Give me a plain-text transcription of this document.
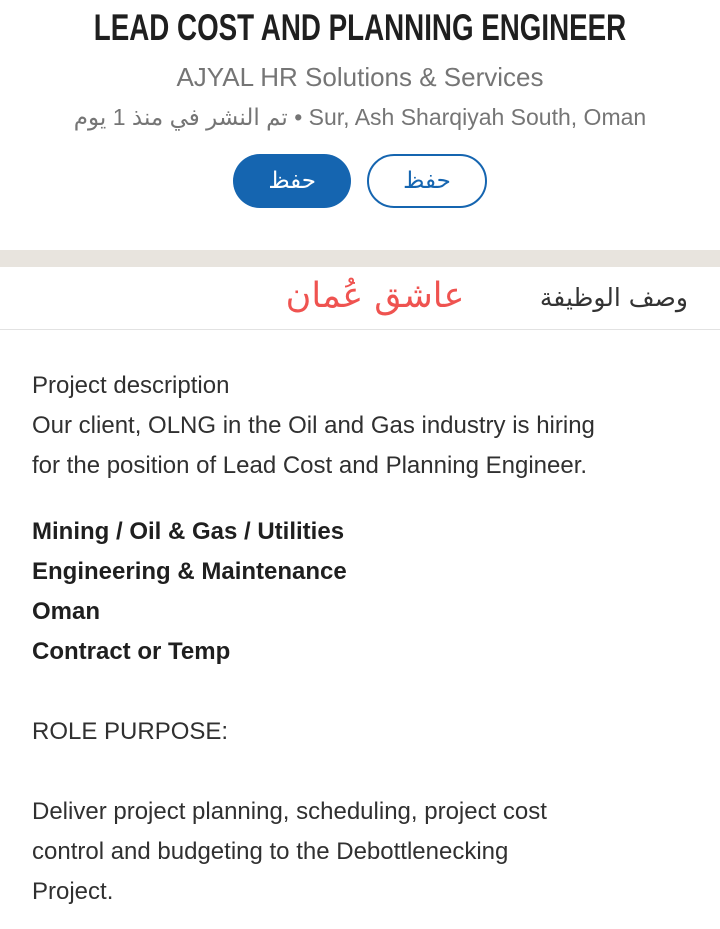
LEAD COST AND PLANNING ENGINEER
AJYAL HR Solutions & Services
تم النشر في منذ 1 يوم • Sur, Ash Sharqiyah South, Oman
حفظ	حفظ
عاشق عُمان	وصف الوظيفة
Project description
Our client, OLNG in the Oil and Gas industry is hiring
for the position of Lead Cost and Planning Engineer.
Mining / Oil & Gas / Utilities
Engineering & Maintenance
Oman
Contract or Temp
ROLE PURPOSE:
Deliver project planning, scheduling, project cost
control and budgeting to the Debottlenecking
Project.
